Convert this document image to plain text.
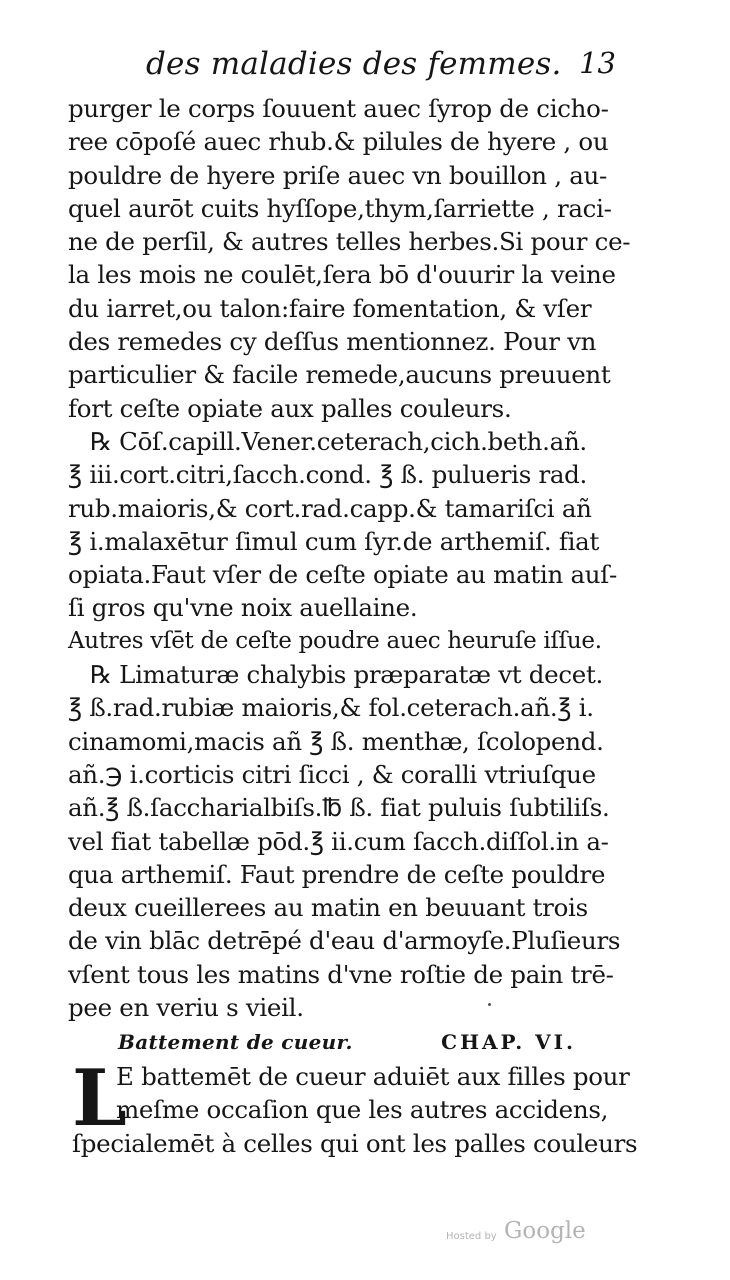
des maladies des femmes. 13
purger le corps ſouuent auec ſyrop de cicho-
ree cōpoſé auec rhub.& pilules de hyere , ou
pouldre de hyere priſe auec vn bouillon , au-
quel aurōt cuits hyſſope,thym,ſarriette , raci-
ne de perſil, & autres telles herbes.Si pour ce-
la les mois ne coulēt,ſera bō d'ouurir la veine
du iarret,ou talon:faire fomentation, & vſer
des remedes cy deſſus mentionnez. Pour vn
particulier & facile remede,aucuns preuuent
fort ceſte opiate aux palles couleurs.
℞ Cōſ.capill.Vener.ceterach,cich.beth.añ.
℥ iii.cort.citri,ſacch.cond. ℥ ß. pulueris rad.
rub.maioris,& cort.rad.capp.& tamariſci añ
℥ i.malaxētur ſimul cum ſyr.de arthemiſ. fiat
opiata.Faut vſer de ceſte opiate au matin auſ-
ſi gros qu'vne noix auellaine.
Autres vſēt de ceſte poudre auec heuruſe iſſue.
℞ Limaturæ chalybis præparatæ vt decet.
℥ ß.rad.rubiæ maioris,& fol.ceterach.añ.℥ i.
cinamomi,macis añ ℥ ß. menthæ, ſcolopend.
añ.℈ i.corticis citri ſicci , & coralli vtriuſque
añ.℥ ß.ſaccharialbiſs.℔ ß. fiat puluis ſubtiliſs.
vel fiat tabellæ pōd.℥ ii.cum ſacch.diſſol.in a-
qua arthemiſ. Faut prendre de ceſte pouldre
deux cueillerees au matin en beuuant trois
de vin blāc detrēpé d'eau d'armoyſe.Pluſieurs
vſent tous les matins d'vne roſtie de pain trē-
pee en veriu s vieil.
Battement de cueur.	CHAP. VI.
L
E battemēt de cueur aduiēt aux filles pour
meſme occaſion que les autres accidens,
ſpecialemēt à celles qui ont les palles couleurs
Hosted by Google
